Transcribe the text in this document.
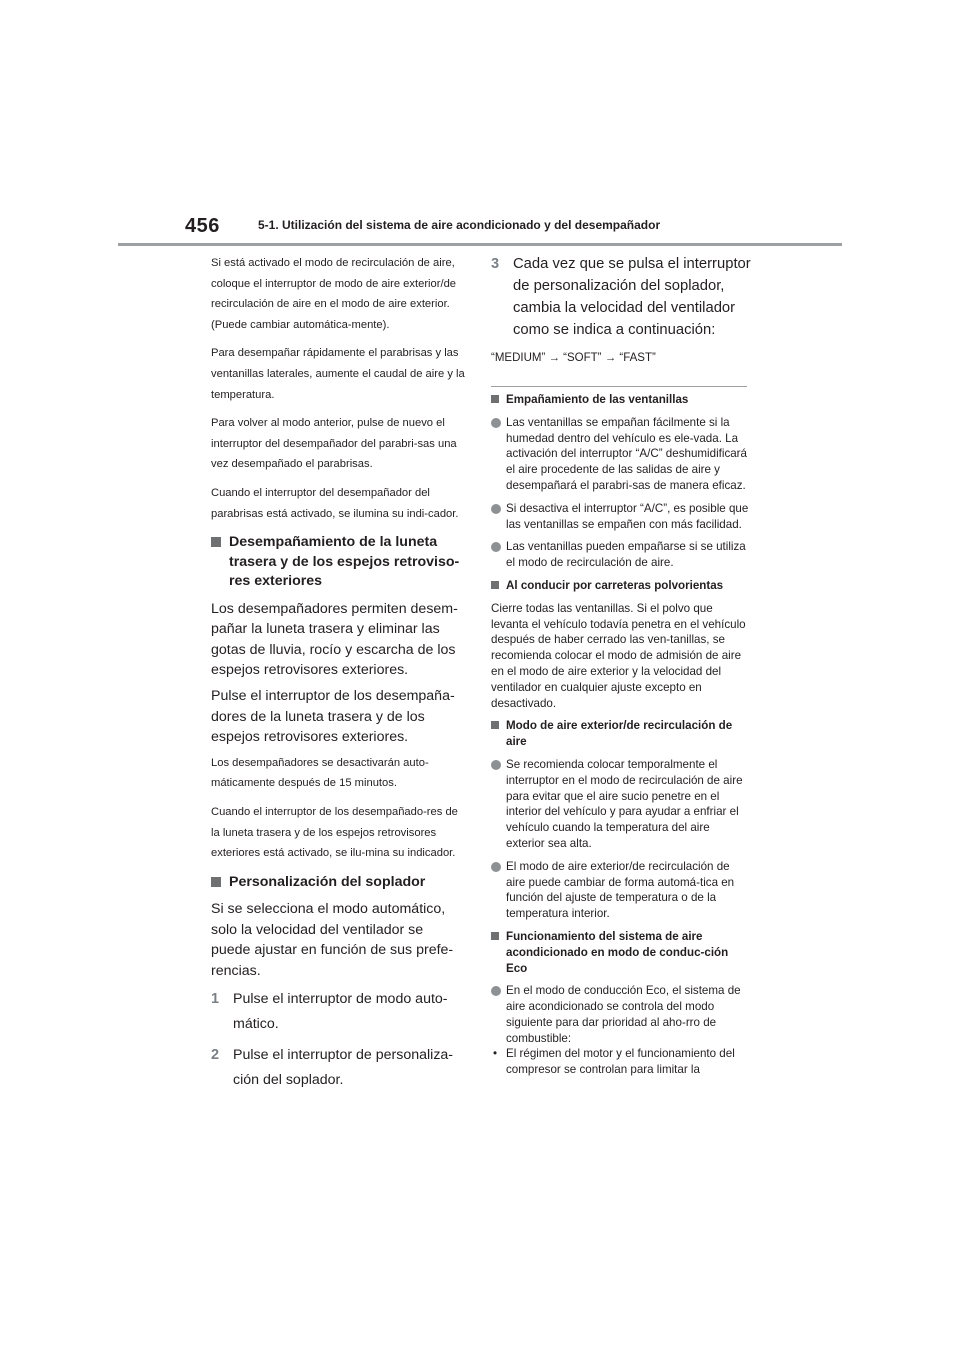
456	5-1. Utilización del sistema de aire acondicionado y del desempañador

Si está activado el modo de recirculación de aire, coloque el interruptor de modo de aire exterior/de recirculación de aire en el modo de aire exterior. (Puede cambiar automática-mente).

Para desempañar rápidamente el parabrisas y las ventanillas laterales, aumente el caudal de aire y la temperatura.

Para volver al modo anterior, pulse de nuevo el interruptor del desempañador del parabri-sas una vez desempañado el parabrisas.

Cuando el interruptor del desempañador del parabrisas está activado, se ilumina su indi-cador.

Desempañamiento de la luneta trasera y de los espejos retroviso-res exteriores

Los desempañadores permiten desem-pañar la luneta trasera y eliminar las gotas de lluvia, rocío y escarcha de los espejos retrovisores exteriores.

Pulse el interruptor de los desempaña-dores de la luneta trasera y de los espejos retrovisores exteriores.

Los desempañadores se desactivarán auto-máticamente después de 15 minutos.

Cuando el interruptor de los desempañado-res de la luneta trasera y de los espejos retrovisores exteriores está activado, se ilu-mina su indicador.

Personalización del soplador

Si se selecciona el modo automático, solo la velocidad del ventilador se puede ajustar en función de sus prefe-rencias.

1 Pulse el interruptor de modo auto-mático.
2 Pulse el interruptor de personaliza-ción del soplador.
3 Cada vez que se pulsa el interruptor de personalización del soplador, cambia la velocidad del ventilador como se indica a continuación:

“MEDIUM” → “SOFT” → “FAST”

Empañamiento de las ventanillas
Las ventanillas se empañan fácilmente si la humedad dentro del vehículo es ele-vada. La activación del interruptor “A/C” deshumidificará el aire procedente de las salidas de aire y desempañará el parabri-sas de manera eficaz.
Si desactiva el interruptor “A/C”, es posible que las ventanillas se empañen con más facilidad.
Las ventanillas pueden empañarse si se utiliza el modo de recirculación de aire.
Al conducir por carreteras polvorientas

Cierre todas las ventanillas. Si el polvo que levanta el vehículo todavía penetra en el vehículo después de haber cerrado las ven-tanillas, se recomienda colocar el modo de admisión de aire en el modo de aire exterior y la velocidad del ventilador en cualquier ajuste excepto en desactivado.

Modo de aire exterior/de recirculación de aire
Se recomienda colocar temporalmente el interruptor en el modo de recirculación de aire para evitar que el aire sucio penetre en el interior del vehículo y para ayudar a enfriar el vehículo cuando la temperatura del aire exterior sea alta.
El modo de aire exterior/de recirculación de aire puede cambiar de forma automá-tica en función del ajuste de temperatura o de la temperatura interior.
Funcionamiento del sistema de aire acondicionado en modo de conduc-ción Eco
En el modo de conducción Eco, el sistema de aire acondicionado se controla del modo siguiente para dar prioridad al aho-rro de combustible:
• El régimen del motor y el funcionamiento del compresor se controlan para limitar la
